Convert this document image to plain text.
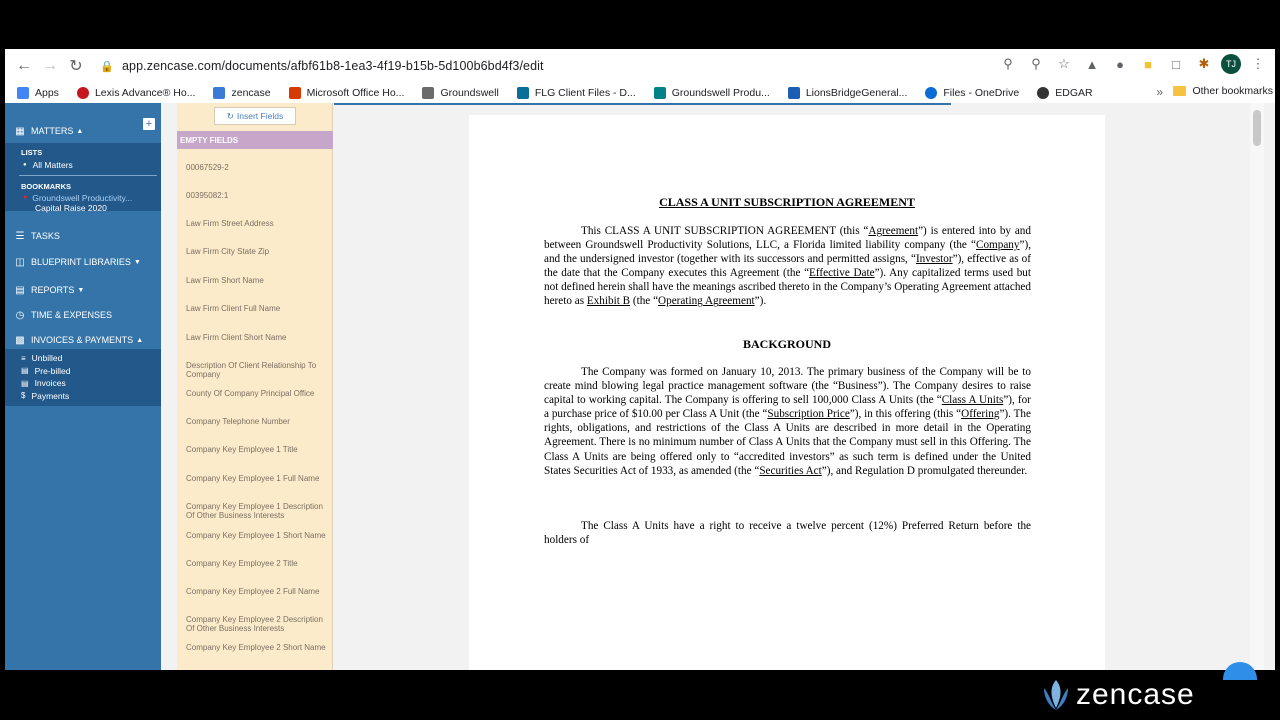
← → ↻	🔒 app.zencase.com/documents/afbf61b8-1ea3-4f19-b15b-5d100b6bd4f3/edit	⚲	⚲	☆	▲	●	■	□	✱	TJ	⋮
Apps	Lexis Advance® Ho...	zencase	Microsoft Office Ho...	Groundswell	FLG Client Files - D...	Groundswell Produ...	LionsBridgeGeneral...	Files - OneDrive	EDGAR	»	Other bookmarks
▦ MATTERS ▲
+
LISTS
● All Matters
BOOKMARKS
● Groundswell Productivity...
Capital Raise 2020
☰ TASKS
◫ BLUEPRINT LIBRARIES ▼
▤ REPORTS ▼
◷ TIME & EXPENSES
▩ INVOICES & PAYMENTS ▲
≡ Unbilled
▤ Pre-billed
▤ Invoices
$ Payments
↻ Insert Fields
EMPTY FIELDS
00067529-2
00395082:1
Law Firm Street Address
Law Firm City State Zip
Law Firm Short Name
Law Firm Client Full Name
Law Firm Client Short Name
Description Of Client Relationship To Company
County Of Company Principal Office
Company Telephone Number
Company Key Employee 1 Title
Company Key Employee 1 Full Name
Company Key Employee 1 Description Of Other Business Interests
Company Key Employee 1 Short Name
Company Key Employee 2 Title
Company Key Employee 2 Full Name
Company Key Employee 2 Description Of Other Business Interests
Company Key Employee 2 Short Name
CLASS A UNIT SUBSCRIPTION AGREEMENT
This CLASS A UNIT SUBSCRIPTION AGREEMENT (this “Agreement”) is entered into by and between Groundswell Productivity Solutions, LLC, a Florida limited liability company (the “Company”), and the undersigned investor (together with its successors and permitted assigns, “Investor”), effective as of the date that the Company executes this Agreement (the “Effective Date”). Any capitalized terms used but not defined herein shall have the meanings ascribed thereto in the Company’s Operating Agreement attached hereto as Exhibit B (the “Operating Agreement”).
BACKGROUND
The Company was formed on January 10, 2013. The primary business of the Company will be to create mind blowing legal practice management software (the “Business”). The Company desires to raise capital to working capital. The Company is offering to sell 100,000 Class A Units (the “Class A Units”), for a purchase price of $10.00 per Class A Unit (the “Subscription Price”), in this offering (this “Offering”). The rights, obligations, and restrictions of the Class A Units are described in more detail in the Operating Agreement. There is no minimum number of Class A Units that the Company must sell in this Offering. The Class A Units are being offered only to “accredited investors” as such term is defined under the United States Securities Act of 1933, as amended (the “Securities Act”), and Regulation D promulgated thereunder.
The Class A Units have a right to receive a twelve percent (12%) Preferred Return before the holders of
zencase
